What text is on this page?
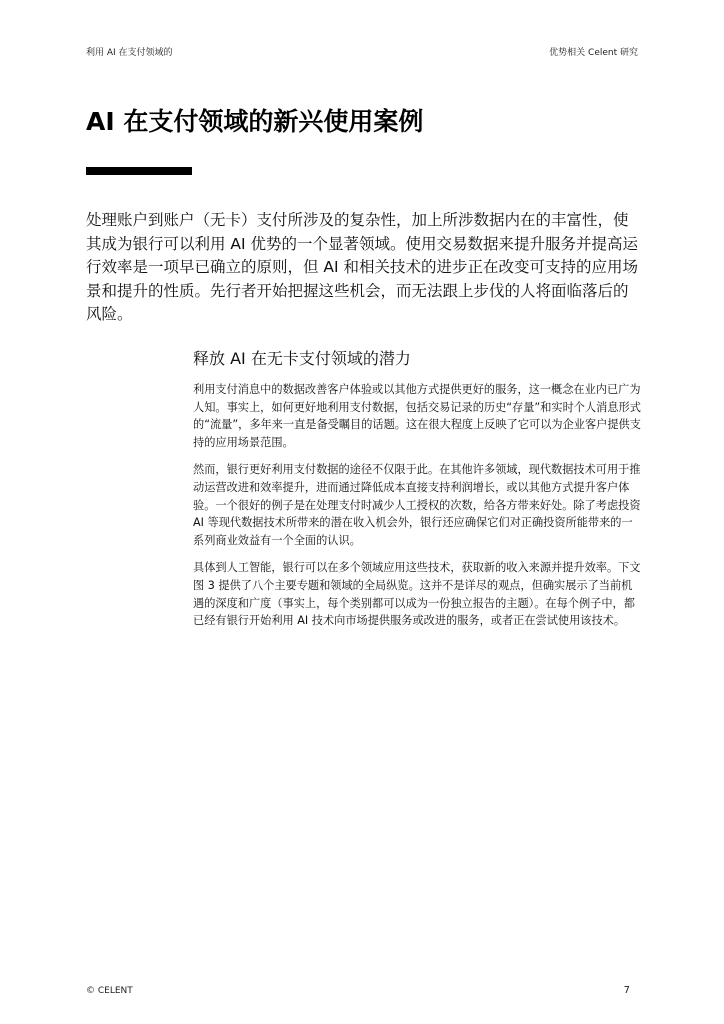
利用 AI 在支付领域的	优势相关 Celent 研究
AI 在支付领域的新兴使用案例

处理账户到账户（无卡）支付所涉及的复杂性，加上所涉数据内在的丰富性，使其成为银行可以利用 AI 优势的一个显著领域。使用交易数据来提升服务并提高运行效率是一项早已确立的原则，但 AI 和相关技术的进步正在改变可支持的应用场景和提升的性质。先行者开始把握这些机会，而无法跟上步伐的人将面临落后的风险。

释放 AI 在无卡支付领域的潜力

利用支付消息中的数据改善客户体验或以其他方式提供更好的服务，这一概念在业内已广为人知。事实上，如何更好地利用支付数据，包括交易记录的历史“存量”和实时个人消息形式的“流量”，多年来一直是备受瞩目的话题。这在很大程度上反映了它可以为企业客户提供支持的应用场景范围。

然而，银行更好利用支付数据的途径不仅限于此。在其他许多领域，现代数据技术可用于推动运营改进和效率提升，进而通过降低成本直接支持利润增长，或以其他方式提升客户体验。一个很好的例子是在处理支付时减少人工授权的次数，给各方带来好处。除了考虑投资 AI 等现代数据技术所带来的潜在收入机会外，银行还应确保它们对正确投资所能带来的一系列商业效益有一个全面的认识。

具体到人工智能，银行可以在多个领域应用这些技术，获取新的收入来源并提升效率。下文图 3 提供了八个主要专题和领域的全局纵览。这并不是详尽的观点，但确实展示了当前机遇的深度和广度（事实上，每个类别都可以成为一份独立报告的主题）。在每个例子中，都已经有银行开始利用 AI 技术向市场提供服务或改进的服务，或者正在尝试使用该技术。

© CELENT	7
